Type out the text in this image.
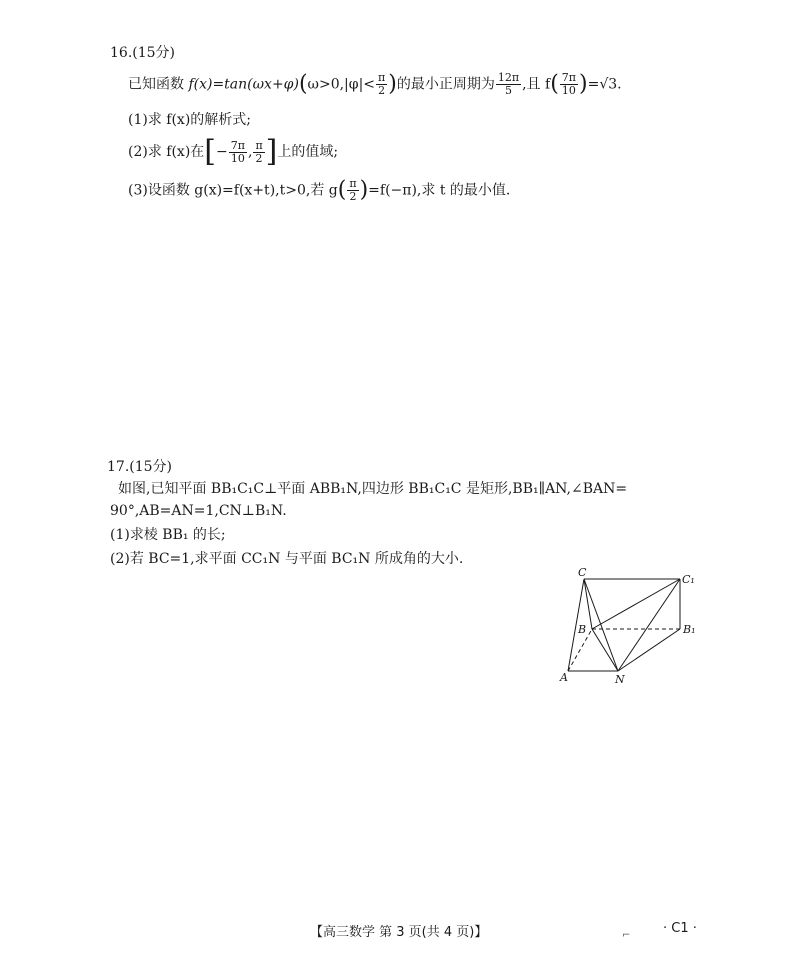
16.(15分)
已知函数 $f(x)=\tan(\omega x+\varphi)(\omega>0,|\varphi|< \frac{\pi}{2}$ )的最小正周期为 $\frac{12\pi}{5}$ ,且 $f( \frac{7\pi}{10} )=√3$.
(1)求 f(x)的解析式;
(2)求 f(x)在[− $\frac{7\pi}{10}$ , $\frac{\pi}{2}$ ]上的值域;
(3)设函数 g(x)=f(x+t),t>0,若 $g( \frac{\pi}{2} )=f(-\pi)$,求 t 的最小值.
17.(15分)
如图,已知平面 BB₁C₁C⊥平面 ABB₁N,四边形 BB₁C₁C 是矩形,BB₁∥AN,∠BAN=
90°,AB=AN=1,CN⊥B₁N.
(1)求棱 BB₁ 的长;
(2)若 BC=1,求平面 CC₁N 与平面 BC₁N 所成角的大小.
C
C₁
B	B₁
A	N
【高三数学 第 3 页(共 4 页)】	⌐	· C1 ·
